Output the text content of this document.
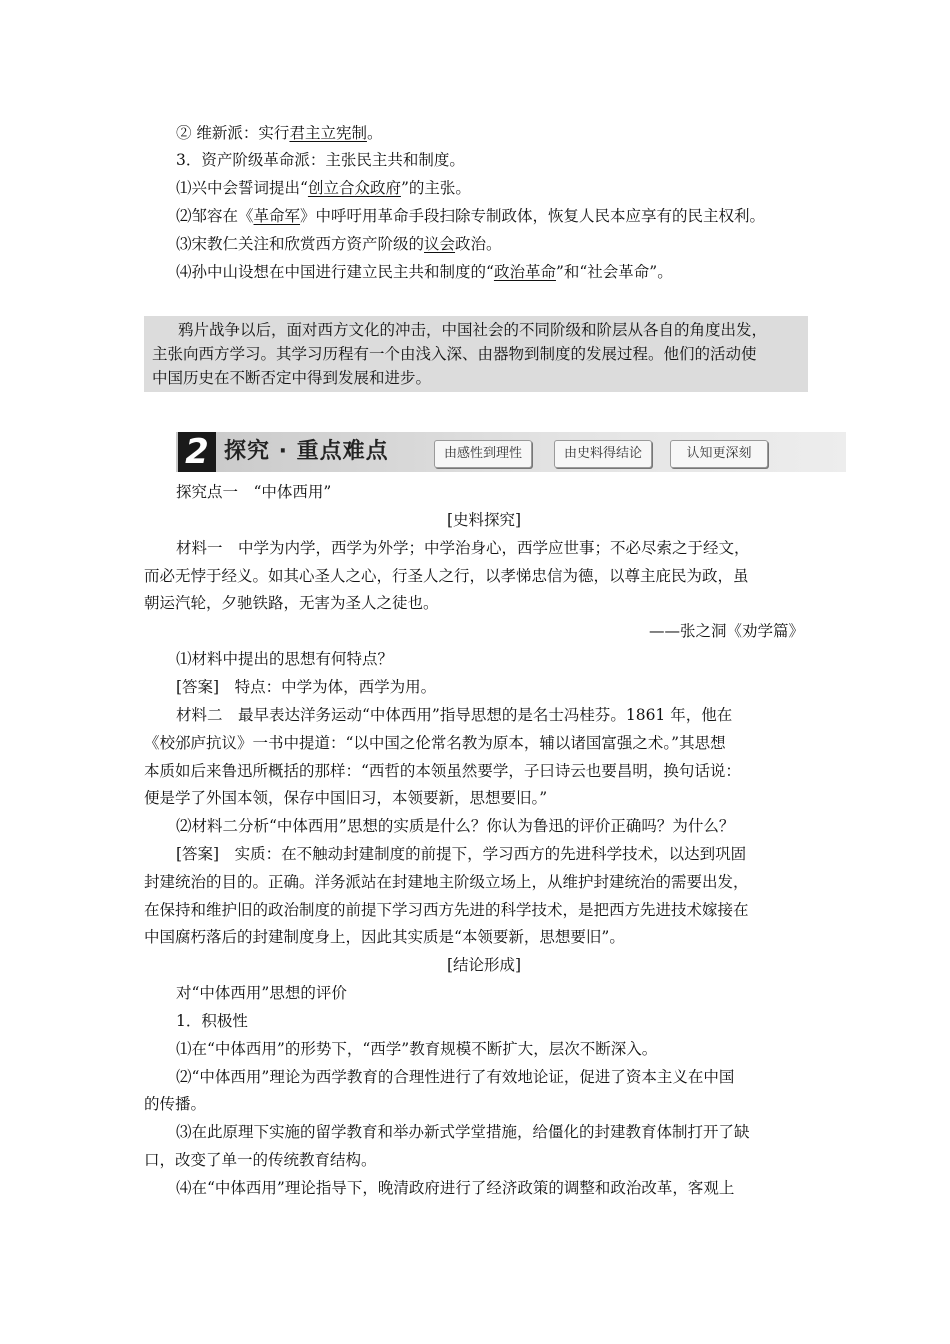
② 维新派：实行君主立宪制。
3．资产阶级革命派：主张民主共和制度。
⑴兴中会誓词提出“创立合众政府”的主张。
⑵邹容在《革命军》中呼吁用革命手段扫除专制政体，恢复人民本应享有的民主权利。
⑶宋教仁关注和欣赏西方资产阶级的议会政治。
⑷孙中山设想在中国进行建立民主共和制度的“政治革命”和“社会革命”。
鸦片战争以后，面对西方文化的冲击，中国社会的不同阶级和阶层从各自的角度出发，
主张向西方学习。其学习历程有一个由浅入深、由器物到制度的发展过程。他们的活动使
中国历史在不断否定中得到发展和进步。
2 探究 · 重点难点	由感性到理性	由史料得结论	认知更深刻
探究点一　“中体西用”
[史料探究]
材料一　中学为内学，西学为外学；中学治身心，西学应世事；不必尽索之于经文，
而必无悖于经义。如其心圣人之心，行圣人之行，以孝悌忠信为德，以尊主庇民为政，虽
朝运汽轮，夕驰铁路，无害为圣人之徒也。
——张之洞《劝学篇》
⑴材料中提出的思想有何特点？
[答案]　特点：中学为体，西学为用。
材料二　最早表达洋务运动“中体西用”指导思想的是名士冯桂芬。1861 年，他在
《校邠庐抗议》一书中提道：“以中国之伦常名教为原本，辅以诸国富强之术。”其思想
本质如后来鲁迅所概括的那样：“西哲的本领虽然要学，子曰诗云也要昌明，换句话说：
便是学了外国本领，保存中国旧习，本领要新，思想要旧。”
⑵材料二分析“中体西用”思想的实质是什么？你认为鲁迅的评价正确吗？为什么？
[答案]　实质：在不触动封建制度的前提下，学习西方的先进科学技术，以达到巩固
封建统治的目的。正确。洋务派站在封建地主阶级立场上，从维护封建统治的需要出发，
在保持和维护旧的政治制度的前提下学习西方先进的科学技术，是把西方先进技术嫁接在
中国腐朽落后的封建制度身上，因此其实质是“本领要新，思想要旧”。
[结论形成]
对“中体西用”思想的评价
1．积极性
⑴在“中体西用”的形势下，“西学”教育规模不断扩大，层次不断深入。
⑵“中体西用”理论为西学教育的合理性进行了有效地论证，促进了资本主义在中国
的传播。
⑶在此原理下实施的留学教育和举办新式学堂措施，给僵化的封建教育体制打开了缺
口，改变了单一的传统教育结构。
⑷在“中体西用”理论指导下，晚清政府进行了经济政策的调整和政治改革，客观上
